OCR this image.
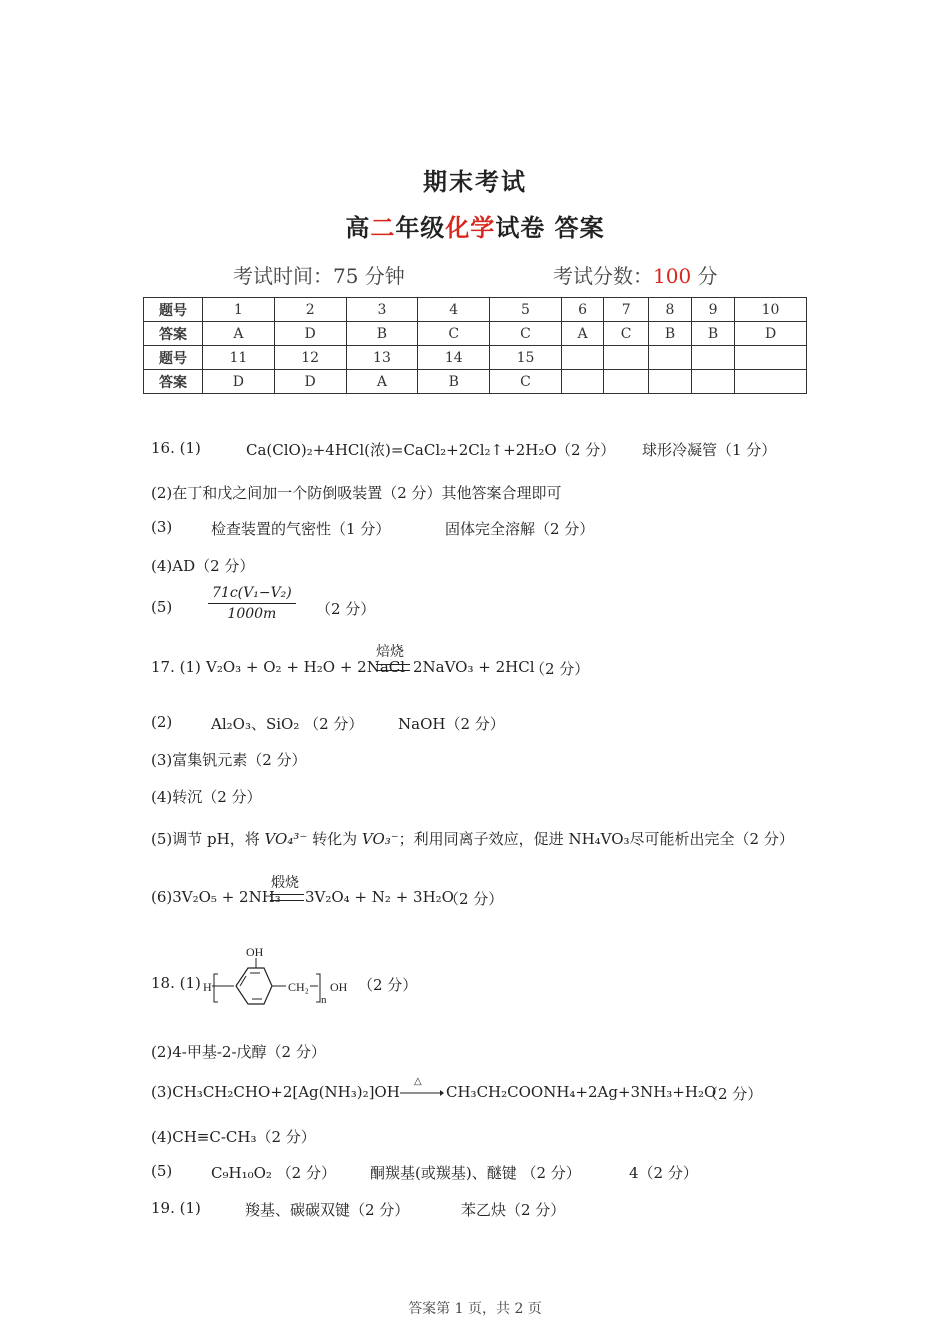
期末考试
高二年级化学试卷 答案
考试时间：75 分钟	考试分数：100 分
题号	1	2	3	4	5	6	7	8	9	10
答案	A	D	B	C	C	A	C	B	B	D
题号	11	12	13	14	15					
答案	D	D	A	B	C					
16. (1)	Ca(ClO)₂+4HCl(浓)=CaCl₂+2Cl₂↑+2H₂O （2 分） 球形冷凝管（1 分）
(2)在丁和戊之间加一个防倒吸装置（2 分）其他答案合理即可
(3)	检查装置的气密性（1 分）	固体完全溶解（2 分）
(4)AD（2 分）
(5)	$\frac{\text{71c(V₁−V₂)}}{1000m} (2$ 分）
17. (1) V₂O₃ + O₂ + H₂O + 2NaCl
焙烧
2NaVO₃ + 2HCl
（2 分）
(2)	Al₂O₃、SiO₂ （2 分） NaOH（2 分）
(3)富集钒元素（2 分）
(4)转沉（2 分）
(5)调节 pH，将 VO₄³⁻ 转化为 VO₃⁻；利用同离子效应，促进 NH₄VO₃尽可能析出完全（2 分）
(6)3V₂O₅ + 2NH₃
煅烧
3V₂O₄ + N₂ + 3H₂O
（2 分）
18. (1) H
OH
CH₂
n
OH （2 分）
(2)4-甲基-2-戊醇（2 分）
(3)CH₃CH₂CHO+2[Ag(NH₃)₂]OH
△
→ CH₃CH₂COONH₄+2Ag+3NH₃+H₂O
（2 分）
(4)CH≡C-CH₃（2 分）
(5)	C₉H₁₀O₂ （2 分） 酮羰基(或羰基)、醚键 （2 分）	4（2 分）
19. (1)	羧基、碳碳双键（2 分）	苯乙炔（2 分）
答案第 1 页，共 2 页
